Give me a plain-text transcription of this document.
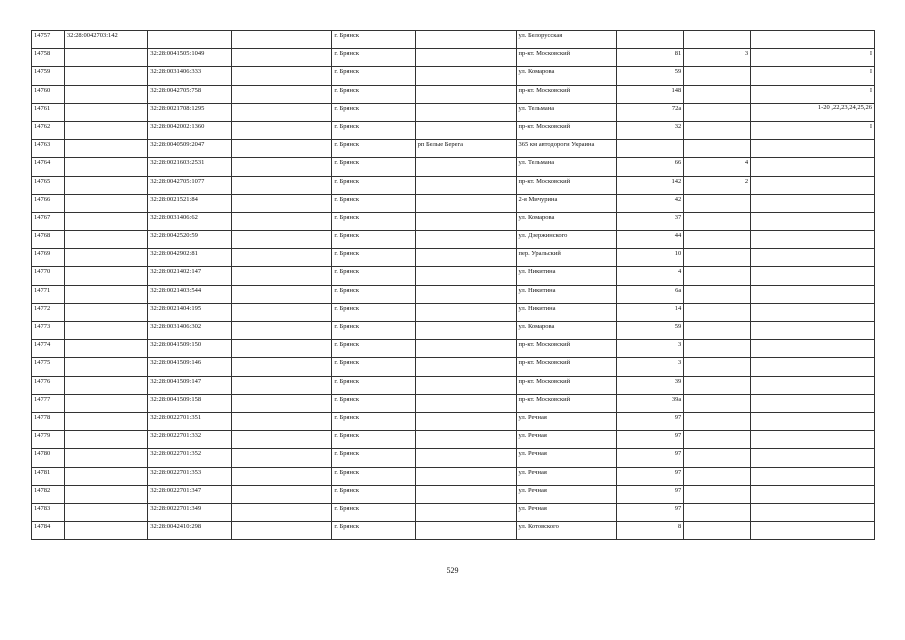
14757	32:28:0042703:142			г. Брянск		ул. Белорусская			
14758		32:28:0041505:1049		г. Брянск		пр-кт. Московский	81	3	I
14759		32:28:0031406:333		г. Брянск		ул. Комарова	59		I
14760		32:28:0042705:758		г. Брянск		пр-кт. Московский	148		I
14761		32:28:0021708:1295		г. Брянск		ул. Тельмана	72а		1-20 ,22,23,24,25,26
14762		32:28:0042002:1360		г. Брянск		пр-кт. Московский	32		I
14763		32:28:0040509:2047		г. Брянск	рп Белые Берега	365 км автодороги Украина			
14764		32:28:0021603:2531		г. Брянск		ул. Тельмана	66	4	
14765		32:28:0042705:1077		г. Брянск		пр-кт. Московский	142	2	
14766		32:28:0021521:84		г. Брянск		2-я Мичурина	42		
14767		32:28:0031406:62		г. Брянск		ул. Комарова	37		
14768		32:28:0042520:59		г. Брянск		ул. Дзержинского	44		
14769		32:28:0042902:81		г. Брянск		пер. Уральский	10		
14770		32:28:0021402:147		г. Брянск		ул. Никитина	4		
14771		32:28:0021403:544		г. Брянск		ул. Никитина	6а		
14772		32:28:0021404:195		г. Брянск		ул. Никитина	14		
14773		32:28:0031406:302		г. Брянск		ул. Комарова	59		
14774		32:28:0041509:150		г. Брянск		пр-кт. Московский	3		
14775		32:28:0041509:146		г. Брянск		пр-кт. Московский	3		
14776		32:28:0041509:147		г. Брянск		пр-кт. Московский	39		
14777		32:28:0041509:158		г. Брянск		пр-кт. Московский	39а		
14778		32:28:0022701:351		г. Брянск		ул. Речная	97		
14779		32:28:0022701:332		г. Брянск		ул. Речная	97		
14780		32:28:0022701:352		г. Брянск		ул. Речная	97		
14781		32:28:0022701:353		г. Брянск		ул. Речная	97		
14782		32:28:0022701:347		г. Брянск		ул. Речная	97		
14783		32:28:0022701:349		г. Брянск		ул. Речная	97		
14784		32:28:0042410:298		г. Брянск		ул. Котовского	8		
529
